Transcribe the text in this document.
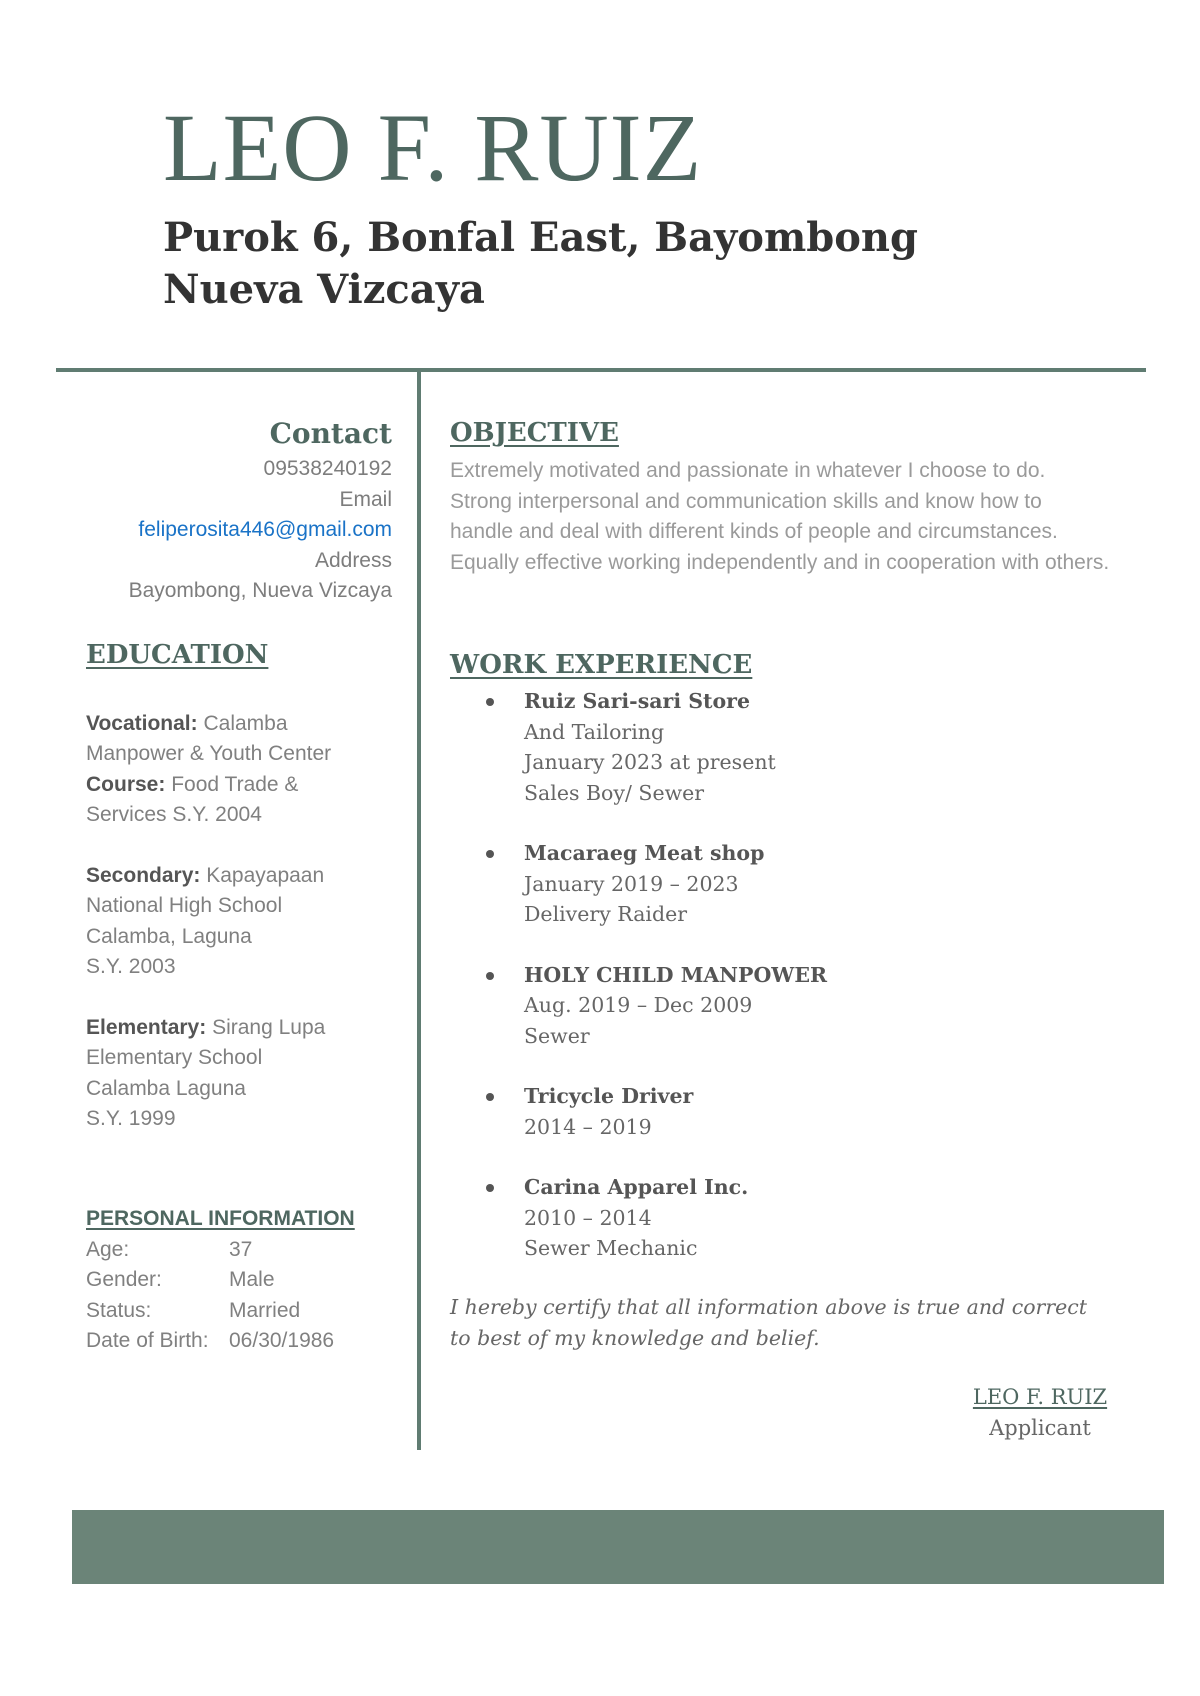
LEO F. RUIZ
Purok 6, Bonfal East, Bayombong
Nueva Vizcaya
Contact
09538240192
Email
feliperosita446@gmail.com
Address
Bayombong, Nueva Vizcaya
EDUCATION
Vocational: Calamba
Manpower & Youth Center
Course: Food Trade &
Services S.Y. 2004
Secondary: Kapayapaan
National High School
Calamba, Laguna
S.Y. 2003
Elementary: Sirang Lupa
Elementary School
Calamba Laguna
S.Y. 1999
PERSONAL INFORMATION
Age:	37
Gender:	Male
Status:	Married
Date of Birth: 06/30/1986
OBJECTIVE

Extremely motivated and passionate in whatever I choose to do. Strong interpersonal and communication skills and know how to handle and deal with different kinds of people and circumstances. Equally effective working independently and in cooperation with others.

WORK EXPERIENCE
Ruiz Sari-sari Store
And Tailoring
January 2023 at present
Sales Boy/ Sewer
Macaraeg Meat shop
January 2019 – 2023
Delivery Raider
HOLY CHILD MANPOWER
Aug. 2019 – Dec 2009
Sewer
Tricycle Driver
2014 – 2019
Carina Apparel Inc.
2010 – 2014
Sewer Mechanic
I hereby certify that all information above is true and correct to best of my knowledge and belief.
LEO F. RUIZ
Applicant
